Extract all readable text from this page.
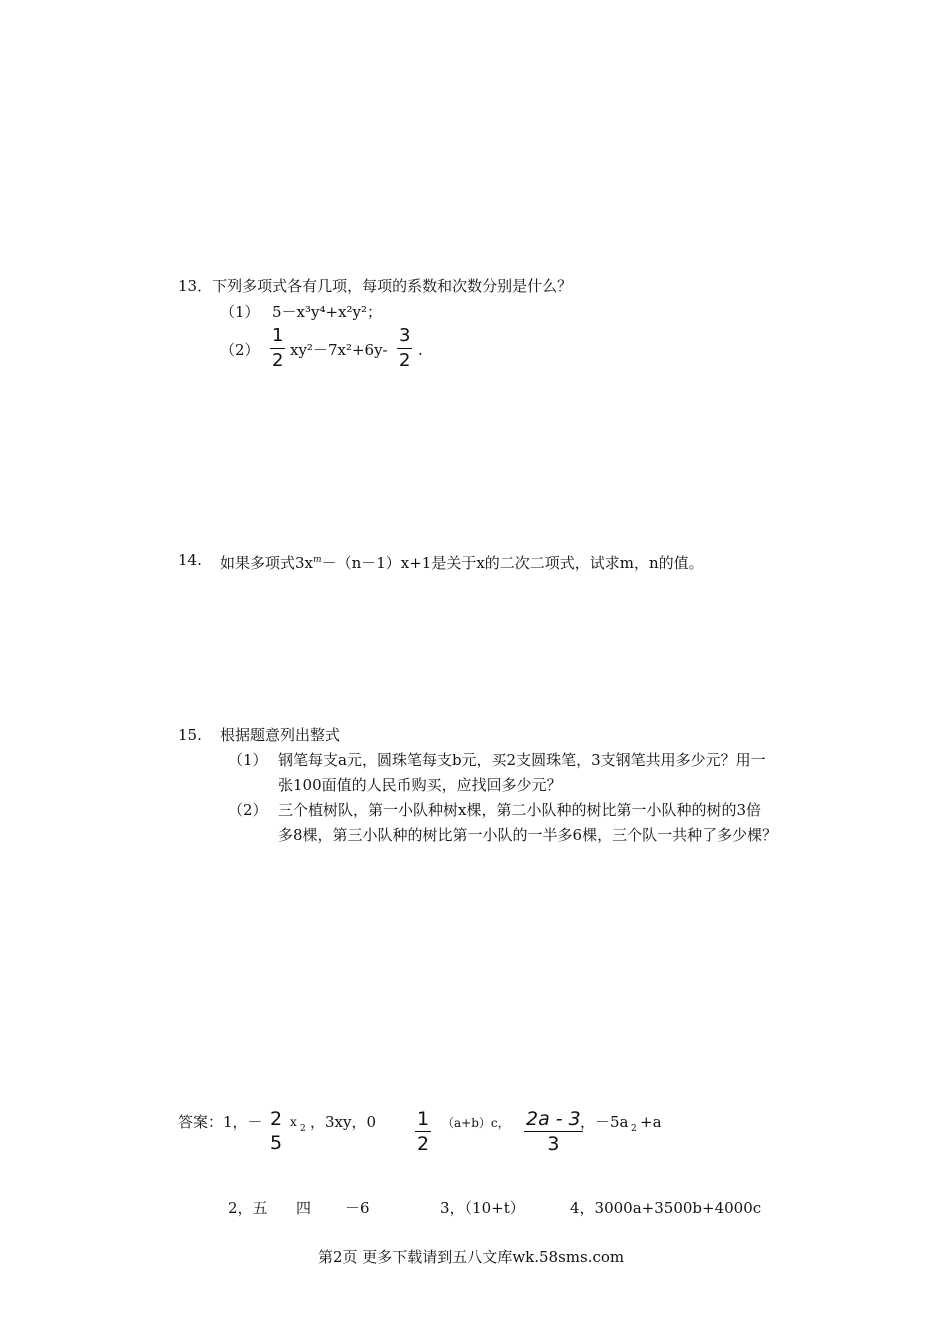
13．下列多项式各有几项，每项的系数和次数分别是什么？
（1） 5－x³y⁴+x²y²；
（2）
1
2 xy²－7x²+6y-
3
2 .
14. 如果多项式$3x^m-(n-1)x+1$是关于x的二次二项式，试求m，n的值。
15. 根据题意列出整式
（1） 钢笔每支a元，圆珠笔每支b元，买2支圆珠笔，3支钢笔共用多少元？用一
张100面值的人民币购买，应找回多少元？
（2） 三个植树队，第一小队种树x棵，第二小队种的树比第一小队种的树的3倍
多8棵，第三小队种的树比第一小队的一半多6棵，三个队一共种了多少棵？
答案：1，－ 2
5
x 2 ，3xy，0 1
2
（a+b）c， 2a - 3
3
，－5a 2 +a
2，五 四 －6	3，（10+t）	4，3000a+3500b+4000c
第2页 更多下载请到五八文库wk.58sms.com
